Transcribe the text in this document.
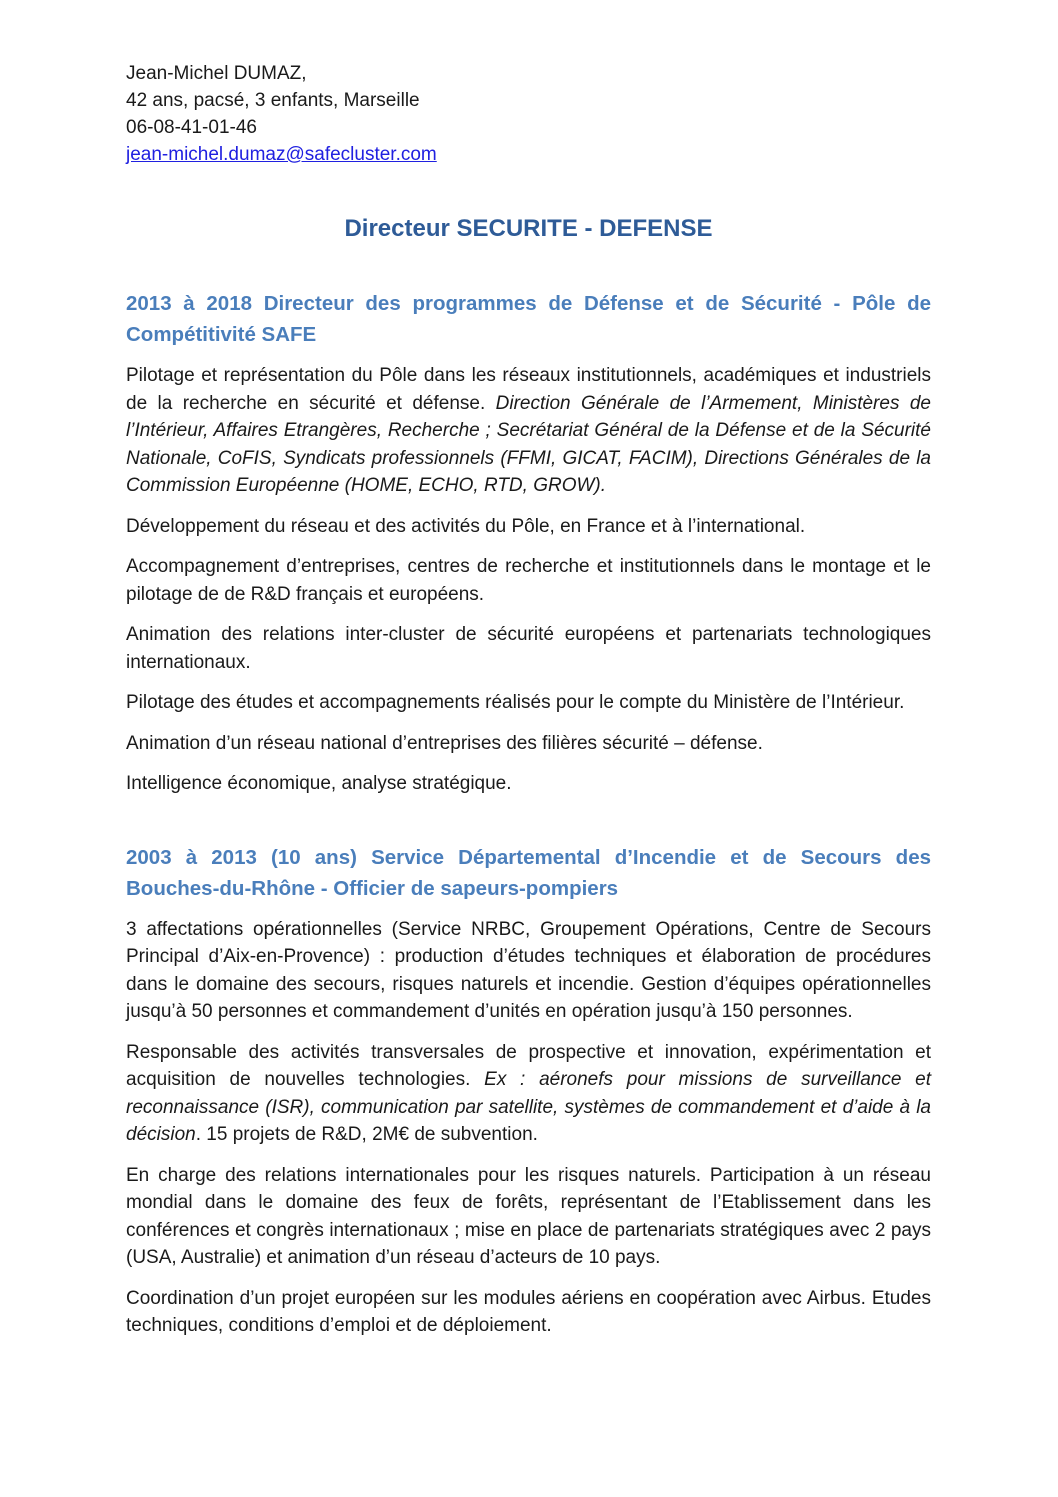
Jean-Michel DUMAZ,
42 ans, pacsé, 3 enfants, Marseille
06-08-41-01-46
jean-michel.dumaz@safecluster.com
Directeur SECURITE - DEFENSE
2013 à 2018 Directeur des programmes de Défense et de Sécurité - Pôle de Compétitivité SAFE

Pilotage et représentation du Pôle dans les réseaux institutionnels, académiques et industriels de la recherche en sécurité et défense. Direction Générale de l’Armement, Ministères de l’Intérieur, Affaires Etrangères, Recherche ; Secrétariat Général de la Défense et de la Sécurité Nationale, CoFIS, Syndicats professionnels (FFMI, GICAT, FACIM), Directions Générales de la Commission Européenne (HOME, ECHO, RTD, GROW).

Développement du réseau et des activités du Pôle, en France et à l’international.

Accompagnement d’entreprises, centres de recherche et institutionnels dans le montage et le pilotage de de R&D français et européens.

Animation des relations inter-cluster de sécurité européens et partenariats technologiques internationaux.

Pilotage des études et accompagnements réalisés pour le compte du Ministère de l’Intérieur.

Animation d’un réseau national d’entreprises des filières sécurité – défense.

Intelligence économique, analyse stratégique.

2003 à 2013 (10 ans) Service Départemental d’Incendie et de Secours des Bouches-du-Rhône - Officier de sapeurs-pompiers

3 affectations opérationnelles (Service NRBC, Groupement Opérations, Centre de Secours Principal d’Aix-en-Provence) : production d’études techniques et élaboration de procédures dans le domaine des secours, risques naturels et incendie. Gestion d’équipes opérationnelles jusqu’à 50 personnes et commandement d’unités en opération jusqu’à 150 personnes.

Responsable des activités transversales de prospective et innovation, expérimentation et acquisition de nouvelles technologies. Ex : aéronefs pour missions de surveillance et reconnaissance (ISR), communication par satellite, systèmes de commandement et d’aide à la décision. 15 projets de R&D, 2M€ de subvention.

En charge des relations internationales pour les risques naturels. Participation à un réseau mondial dans le domaine des feux de forêts, représentant de l’Etablissement dans les conférences et congrès internationaux ; mise en place de partenariats stratégiques avec 2 pays (USA, Australie) et animation d’un réseau d’acteurs de 10 pays.

Coordination d’un projet européen sur les modules aériens en coopération avec Airbus. Etudes techniques, conditions d’emploi et de déploiement.
